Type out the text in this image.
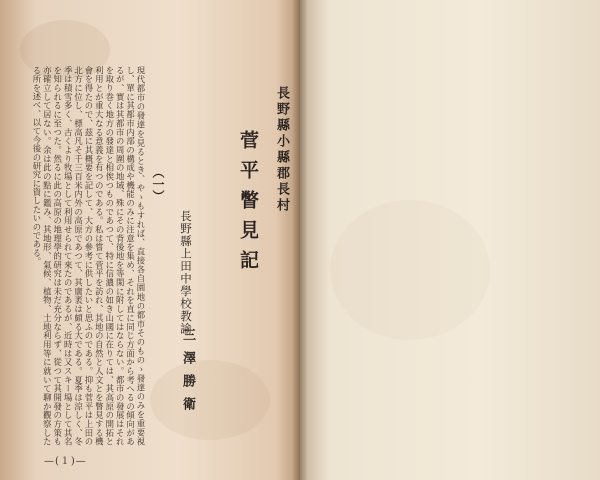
長野縣小縣郡長村
菅平瞥見記
長野縣上田中學校教諭
三澤勝衛
（一）
現代都市の發達を見るとき、やゝもすれば、直接各自園地の都市そのものゝ發達のみを重要視し、單に其都市内部の構成や機能のみに注意を集め、それを直に同じ方面から考へるの傾向があるが、實は其都市の周圍の地域、殊にその背後地を等閑に附してはならない。都市の發展はそれを取り巻く地方の發達と相俟つものであつて、特に信濃の如き山國に在りては、其高原の開拓と利用とが重大なる意義を有つのである。私は嘗て菅平を訪れ、其地の自然と人文とを瞥見する機會を得たので、茲に其概要を記して、大方の參考に供したいと思ふのである。抑も菅平は上田の北方に位し、標高凡そ千三百米内外の高原であつて、其廣袤は頗る大である。夏季は涼しく、冬季は積雪多く、古くより牧場として利用せられて來たのであるが、近時は又スキー場として其名を知られるに至つた。然るに此の高原の地理學的研究は未だ充分ならず、從つて其開發の方策も亦確立して居ない。余は此の點に鑑み、其地形、氣候、植物、土地利用等に就いて聊か觀察したる所を述べ、以て今後の研究に資したいのである。
—(１)—
